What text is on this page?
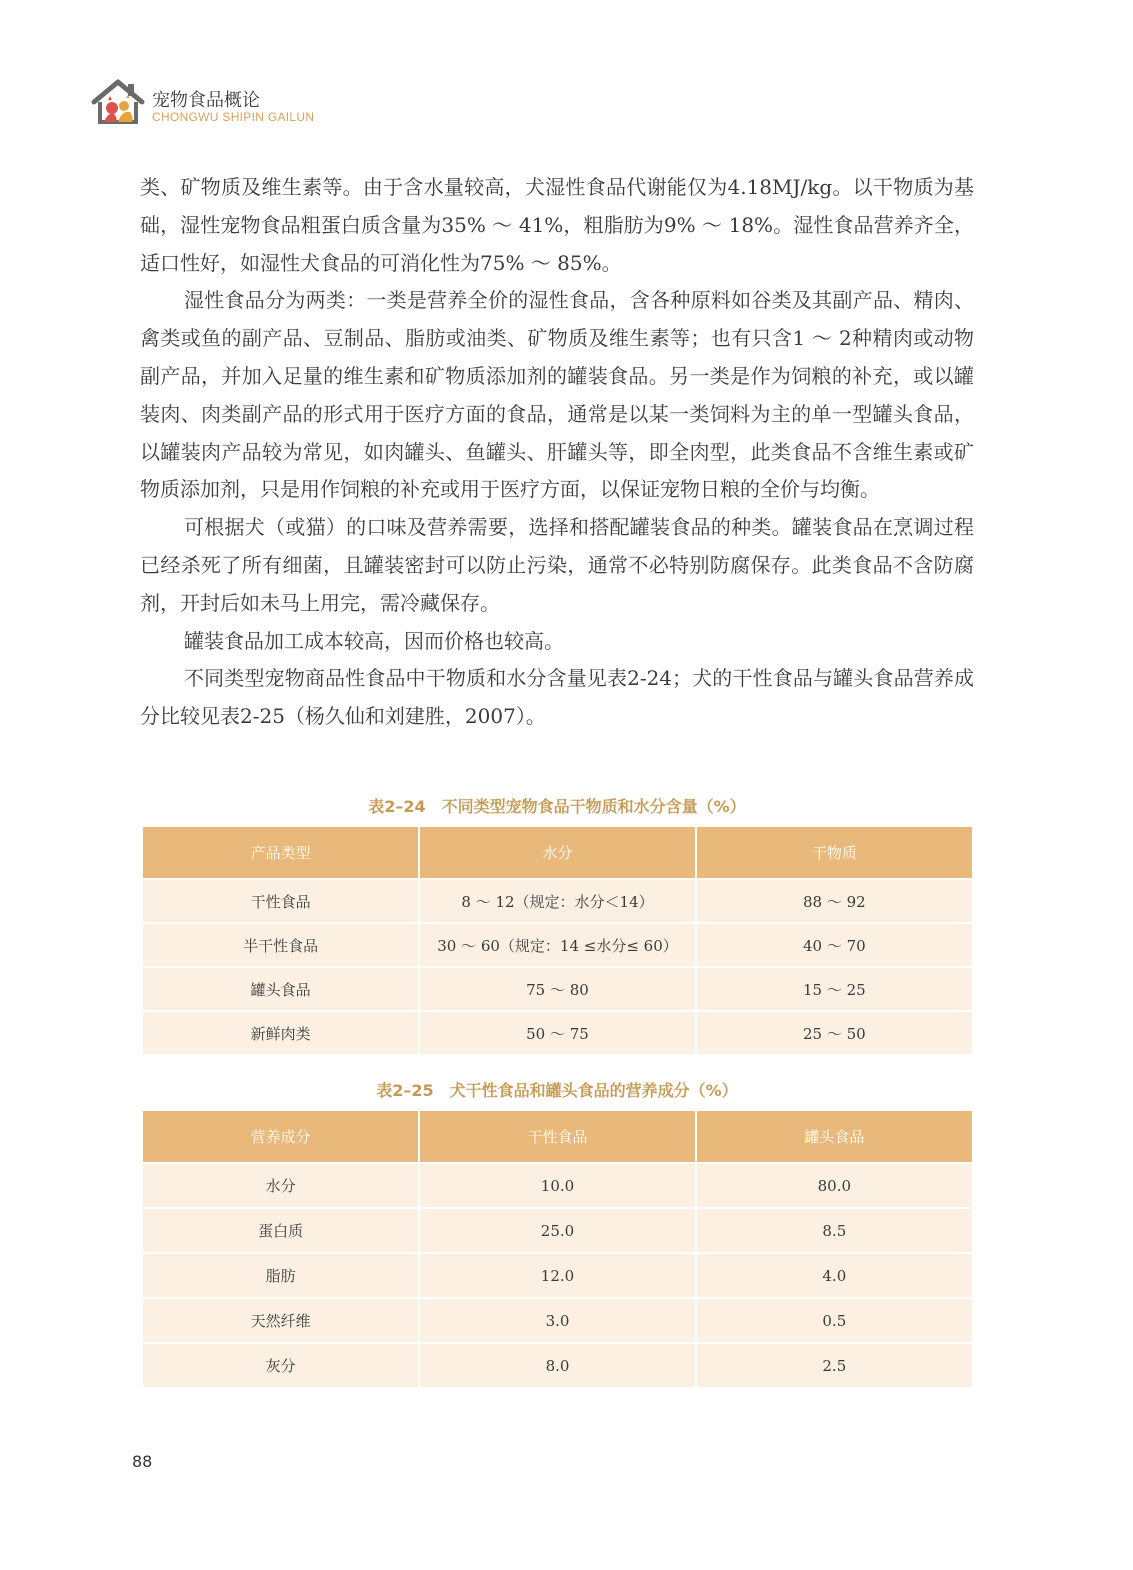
宠物食品概论
CHONGWU SHIPIN GAILUN

类、矿物质及维生素等。由于含水量较高，犬湿性食品代谢能仅为4.18MJ/kg。以干物质为基础，湿性宠物食品粗蛋白质含量为35% ～ 41%，粗脂肪为9% ～ 18%。湿性食品营养齐全，适口性好，如湿性犬食品的可消化性为75% ～ 85%。

湿性食品分为两类：一类是营养全价的湿性食品，含各种原料如谷类及其副产品、精肉、禽类或鱼的副产品、豆制品、脂肪或油类、矿物质及维生素等；也有只含1 ～ 2种精肉或动物副产品，并加入足量的维生素和矿物质添加剂的罐装食品。另一类是作为饲粮的补充，或以罐装肉、肉类副产品的形式用于医疗方面的食品，通常是以某一类饲料为主的单一型罐头食品，以罐装肉产品较为常见，如肉罐头、鱼罐头、肝罐头等，即全肉型，此类食品不含维生素或矿物质添加剂，只是用作饲粮的补充或用于医疗方面，以保证宠物日粮的全价与均衡。

可根据犬（或猫）的口味及营养需要，选择和搭配罐装食品的种类。罐装食品在烹调过程已经杀死了所有细菌，且罐装密封可以防止污染，通常不必特别防腐保存。此类食品不含防腐剂，开封后如未马上用完，需冷藏保存。

罐装食品加工成本较高，因而价格也较高。

不同类型宠物商品性食品中干物质和水分含量见表2-24；犬的干性食品与罐头食品营养成分比较见表2-25（杨久仙和刘建胜，2007）。

表2–24　不同类型宠物食品干物质和水分含量（%）
产品类型	水分	干物质
干性食品	8 ～ 12（规定：水分＜14）	88 ～ 92
半干性食品	30 ～ 60（规定：14 ≤水分≤ 60）	40 ～ 70
罐头食品	75 ～ 80	15 ～ 25
新鲜肉类	50 ～ 75	25 ～ 50
表2–25　犬干性食品和罐头食品的营养成分（%）
营养成分	干性食品	罐头食品
水分	10.0	80.0
蛋白质	25.0	8.5
脂肪	12.0	4.0
天然纤维	3.0	0.5
灰分	8.0	2.5
88
